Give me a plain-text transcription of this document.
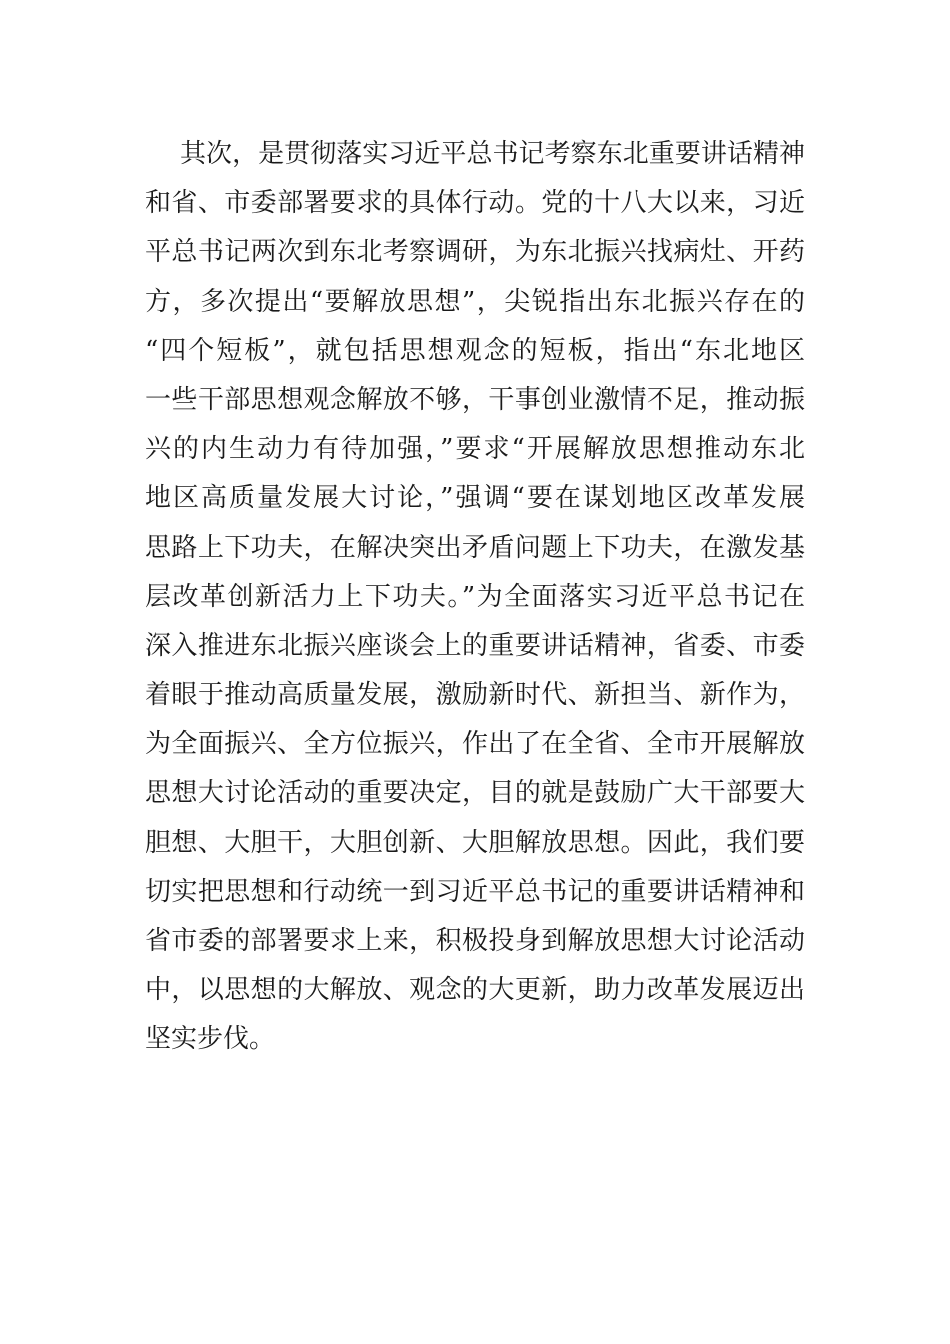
其次，是贯彻落实习近平总书记考察东北重要讲话精神
和省、市委部署要求的具体行动。党的十八大以来，习近
平总书记两次到东北考察调研，为东北振兴找病灶、开药
方，多次提出“要解放思想”，尖锐指出东北振兴存在的
“四个短板”，就包括思想观念的短板，指出“东北地区
一些干部思想观念解放不够，干事创业激情不足，推动振
兴的内生动力有待加强，”要求“开展解放思想推动东北
地区高质量发展大讨论，”强调“要在谋划地区改革发展
思路上下功夫，在解决突出矛盾问题上下功夫，在激发基
层改革创新活力上下功夫。”为全面落实习近平总书记在
深入推进东北振兴座谈会上的重要讲话精神，省委、市委
着眼于推动高质量发展，激励新时代、新担当、新作为，
为全面振兴、全方位振兴，作出了在全省、全市开展解放
思想大讨论活动的重要决定，目的就是鼓励广大干部要大
胆想、大胆干，大胆创新、大胆解放思想。因此，我们要
切实把思想和行动统一到习近平总书记的重要讲话精神和
省市委的部署要求上来，积极投身到解放思想大讨论活动
中，以思想的大解放、观念的大更新，助力改革发展迈出
坚实步伐。
